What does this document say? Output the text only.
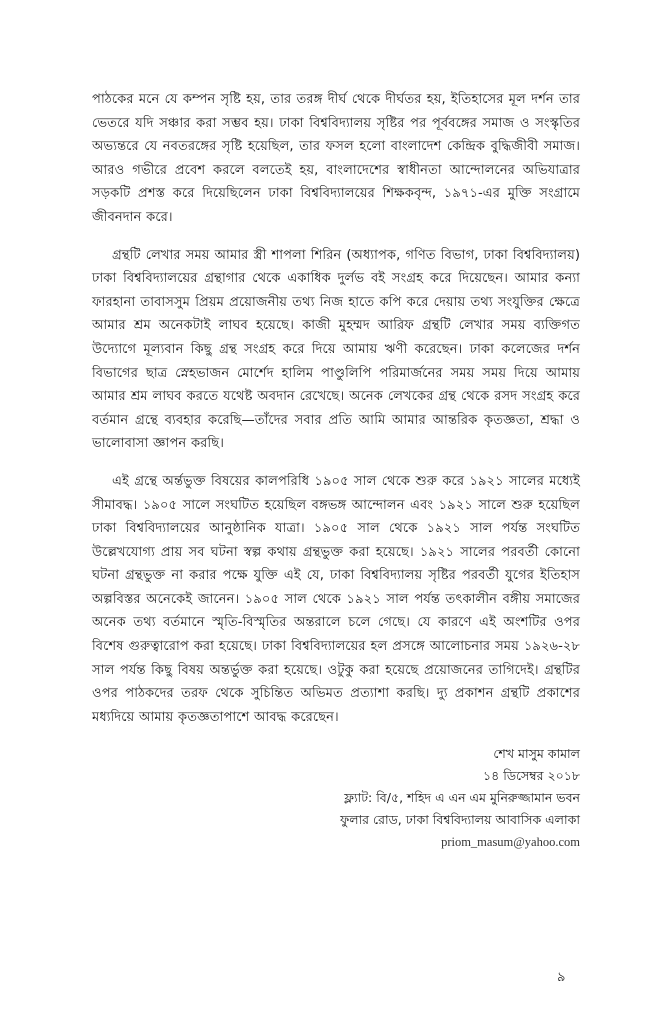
পাঠকের মনে যে কম্পন সৃষ্টি হয়, তার তরঙ্গ দীর্ঘ থেকে দীর্ঘতর হয়, ইতিহাসের মূল দর্শন তার ভেতরে যদি সঞ্চার করা সম্ভব হয়। ঢাকা বিশ্ববিদ্যালয় সৃষ্টির পর পূর্ববঙ্গের সমাজ ও সংস্কৃতির অভ্যন্তরে যে নবতরঙ্গের সৃষ্টি হয়েছিল, তার ফসল হলো বাংলাদেশ কেন্দ্রিক বুদ্ধিজীবী সমাজ। আরও গভীরে প্রবেশ করলে বলতেই হয়, বাংলাদেশের স্বাধীনতা আন্দোলনের অভিযাত্রার সড়কটি প্রশস্ত করে দিয়েছিলেন ঢাকা বিশ্ববিদ্যালয়ের শিক্ষকবৃন্দ, ১৯৭১-এর মুক্তি সংগ্রামে জীবনদান করে।

গ্রন্থটি লেখার সময় আমার স্ত্রী শাপলা শিরিন (অধ্যাপক, গণিত বিভাগ, ঢাকা বিশ্ববিদ্যালয়) ঢাকা বিশ্ববিদ্যালয়ের গ্রন্থাগার থেকে একাধিক দুর্লভ বই সংগ্রহ করে দিয়েছেন। আমার কন্যা ফারহানা তাবাসসুম প্রিয়ম প্রয়োজনীয় তথ্য নিজ হাতে কপি করে দেয়ায় তথ্য সংযুক্তির ক্ষেত্রে আমার শ্রম অনেকটাই লাঘব হয়েছে। কাজী মুহম্মদ আরিফ গ্রন্থটি লেখার সময় ব্যক্তিগত উদ্যোগে মূল্যবান কিছু গ্রন্থ সংগ্রহ করে দিয়ে আমায় ঋণী করেছেন। ঢাকা কলেজের দর্শন বিভাগের ছাত্র স্নেহভাজন মোর্শেদ হালিম পাণ্ডুলিপি পরিমার্জনের সময় সময় দিয়ে আমায় আমার শ্রম লাঘব করতে যথেষ্ট অবদান রেখেছে। অনেক লেখকের গ্রন্থ থেকে রসদ সংগ্রহ করে বর্তমান গ্রন্থে ব্যবহার করেছি—তাঁদের সবার প্রতি আমি আমার আন্তরিক কৃতজ্ঞতা, শ্রদ্ধা ও ভালোবাসা জ্ঞাপন করছি।

এই গ্রন্থে অর্ন্তভুক্ত বিষয়ের কালপরিধি ১৯০৫ সাল থেকে শুরু করে ১৯২১ সালের মধ্যেই সীমাবদ্ধ। ১৯০৫ সালে সংঘটিত হয়েছিল বঙ্গভঙ্গ আন্দোলন এবং ১৯২১ সালে শুরু হয়েছিল ঢাকা বিশ্ববিদ্যালয়ের আনুষ্ঠানিক যাত্রা। ১৯০৫ সাল থেকে ১৯২১ সাল পর্যন্ত সংঘটিত উল্লেখযোগ্য প্রায় সব ঘটনা স্বল্প কথায় গ্রন্থভুক্ত করা হয়েছে। ১৯২১ সালের পরবর্তী কোনো ঘটনা গ্রন্থভুক্ত না করার পক্ষে যুক্তি এই যে, ঢাকা বিশ্ববিদ্যালয় সৃষ্টির পরবর্তী যুগের ইতিহাস অল্পবিস্তর অনেকেই জানেন। ১৯০৫ সাল থেকে ১৯২১ সাল পর্যন্ত তৎকালীন বঙ্গীয় সমাজের অনেক তথ্য বর্তমানে স্মৃতি-বিস্মৃতির অন্তরালে চলে গেছে। যে কারণে এই অংশটির ওপর বিশেষ গুরুত্বারোপ করা হয়েছে। ঢাকা বিশ্ববিদ্যালয়ের হল প্রসঙ্গে আলোচনার সময় ১৯২৬-২৮ সাল পর্যন্ত কিছু বিষয় অন্তর্ভুক্ত করা হয়েছে। ওটুকু করা হয়েছে প্রয়োজনের তাগিদেই। গ্রন্থটির ওপর পাঠকদের তরফ থেকে সুচিন্তিত অভিমত প্রত্যাশা করছি। দ্যু প্রকাশন গ্রন্থটি প্রকাশের মধ্যদিয়ে আমায় কৃতজ্ঞতাপাশে আবদ্ধ করেছেন।

শেখ মাসুম কামাল
১৪ ডিসেম্বর ২০১৮
ফ্ল্যাট: বি/৫, শহিদ এ এন এম মুনিরুজ্জামান ভবন
ফুলার রোড, ঢাকা বিশ্ববিদ্যালয় আবাসিক এলাকা
priom_masum@yahoo.com
৯
